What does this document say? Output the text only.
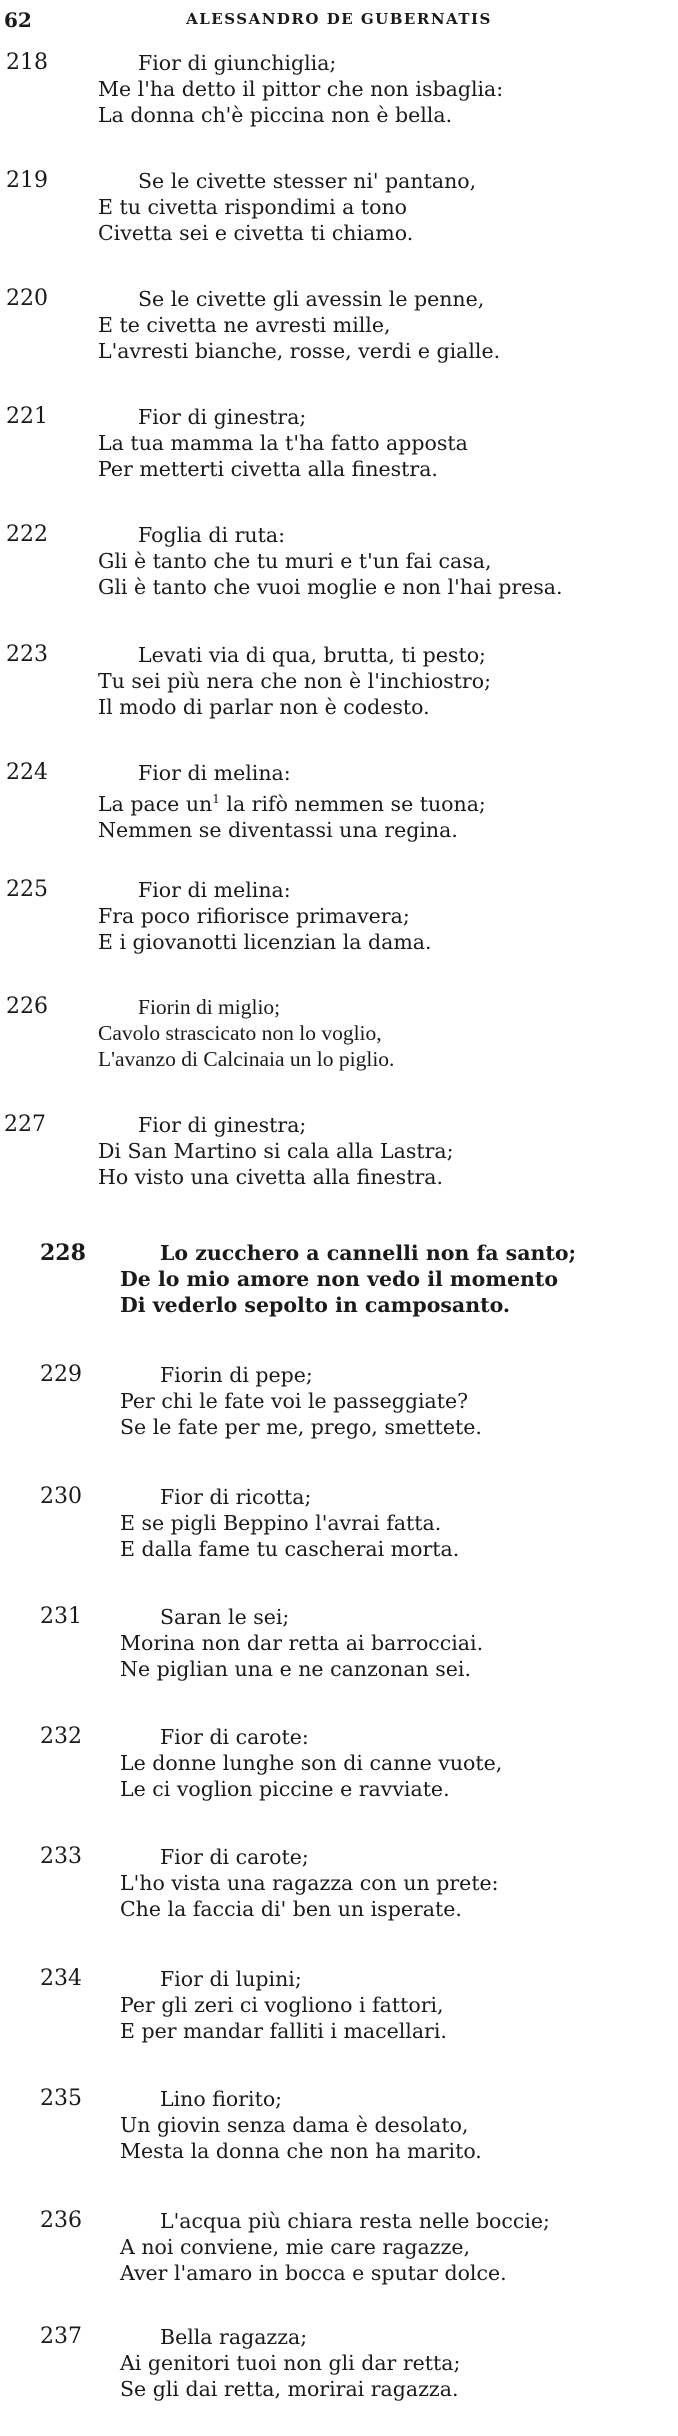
62	ALESSANDRO DE GUBERNATIS
218	Fior di giunchiglia;
Me l'ha detto il pittor che non isbaglia:
La donna ch'è piccina non è bella.
219	Se le civette stesser ni' pantano,
E tu civetta rispondimi a tono
Civetta sei e civetta ti chiamo.
220	Se le civette gli avessin le penne,
E te civetta ne avresti mille,
L'avresti bianche, rosse, verdi e gialle.
221	Fior di ginestra;
La tua mamma la t'ha fatto apposta
Per metterti civetta alla finestra.
222	Foglia di ruta:
Gli è tanto che tu muri e t'un fai casa,
Gli è tanto che vuoi moglie e non l'hai presa.
223	Levati via di qua, brutta, ti pesto;
Tu sei più nera che non è l'inchiostro;
Il modo di parlar non è codesto.
224	Fior di melina:
La pace $un^1$ la rifò nemmen se tuona;
Nemmen se diventassi una regina.
225	Fior di melina:
Fra poco rifiorisce primavera;
E i giovanotti licenzian la dama.
226	Fiorin di miglio;
Cavolo strascicato non lo voglio,
L'avanzo di Calcinaia un lo piglio.
227	Fior di ginestra;
Di San Martino si cala alla Lastra;
Ho visto una civetta alla finestra.
228	Lo zucchero a cannelli non fa santo;
De lo mio amore non vedo il momento
Di vederlo sepolto in camposanto.
229	Fiorin di pepe;
Per chi le fate voi le passeggiate?
Se le fate per me, prego, smettete.
230	Fior di ricotta;
E se pigli Beppino l'avrai fatta.
E dalla fame tu cascherai morta.
231	Saran le sei;
Morina non dar retta ai barrocciai.
Ne piglian una e ne canzonan sei.
232	Fior di carote:
Le donne lunghe son di canne vuote,
Le ci voglion piccine e ravviate.
233	Fior di carote;
L'ho vista una ragazza con un prete:
Che la faccia di' ben un isperate.
234	Fior di lupini;
Per gli zeri ci vogliono i fattori,
E per mandar falliti i macellari.
235	Lino fiorito;
Un giovin senza dama è desolato,
Mesta la donna che non ha marito.
236	L'acqua più chiara resta nelle boccie;
A noi conviene, mie care ragazze,
Aver l'amaro in bocca e sputar dolce.
237	Bella ragazza;
Ai genitori tuoi non gli dar retta;
Se gli dai retta, morirai ragazza.
